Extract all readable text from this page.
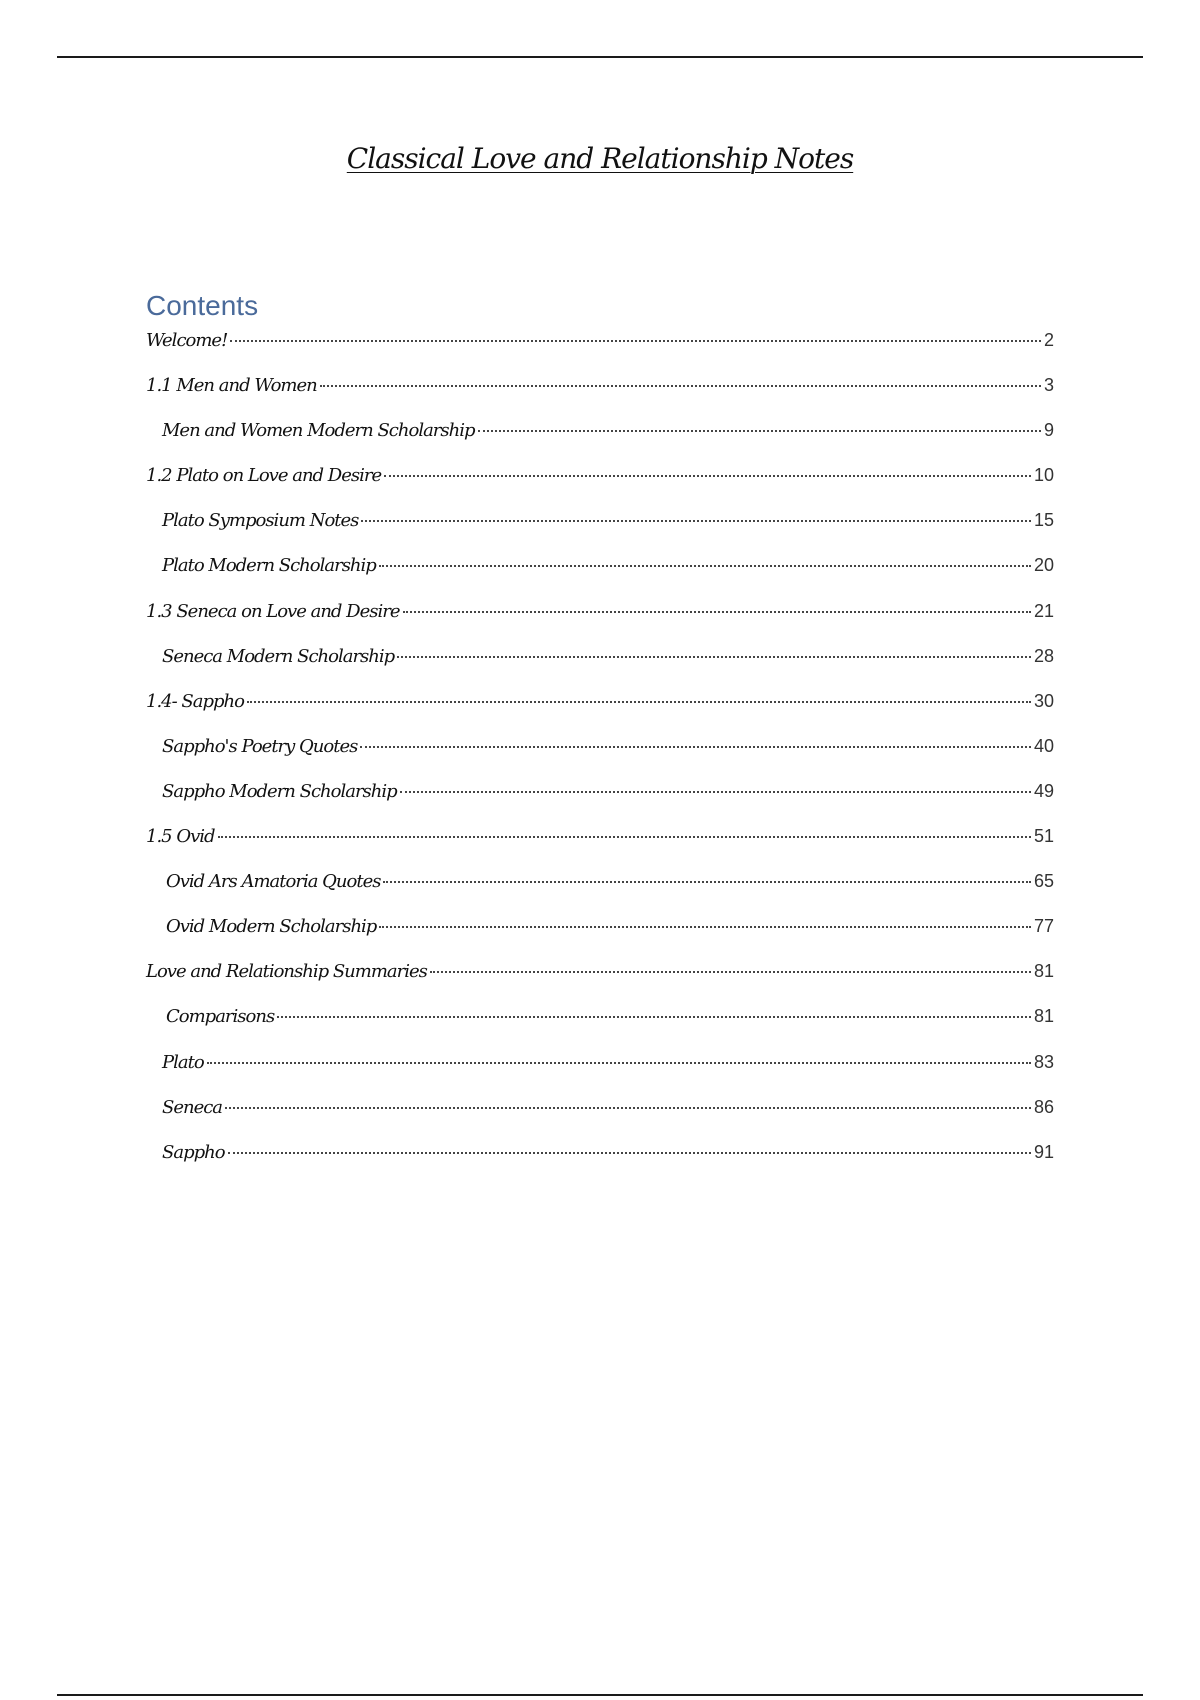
Classical Love and Relationship Notes
Contents
Welcome!	2
1.1 Men and Women	3
Men and Women Modern Scholarship	9
1.2 Plato on Love and Desire	10
Plato Symposium Notes	15
Plato Modern Scholarship	20
1.3 Seneca on Love and Desire	21
Seneca Modern Scholarship	28
1.4- Sappho	30
Sappho's Poetry Quotes	40
Sappho Modern Scholarship	49
1.5 Ovid	51
Ovid Ars Amatoria Quotes	65
Ovid Modern Scholarship	77
Love and Relationship Summaries	81
Comparisons	81
Plato	83
Seneca	86
Sappho	91
